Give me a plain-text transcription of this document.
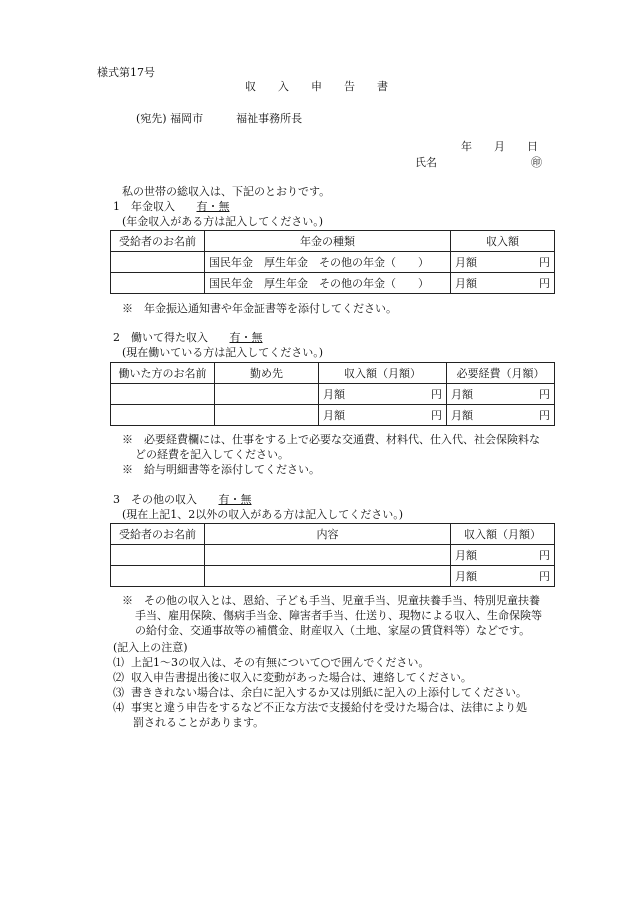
様式第17号
収　　入　　申　　告　　書
(宛先) 福岡市　　　福祉事務所長
年　　月　　日
氏名	㊞
私の世帯の総収入は、下記のとおりです。
1　年金収入 有・無
(年金収入がある方は記入してください。)
受給者のお名前	年金の種類	収入額
	国民年金　厚生年金　その他の年金（　　）	月額 円

	国民年金　厚生年金　その他の年金（　　）	月額 円
※　年金振込通知書や年金証書等を添付してください。
2　働いて得た収入 有・無
(現在働いている方は記入してください。)
働いた方のお名前	勤め先	収入額（月額）	必要経費（月額）

		月額 円	月額 円

		月額 円	月額 円
※　必要経費欄には、仕事をする上で必要な交通費、材料代、仕入代、社会保険料な
どの経費を記入してください。
※　給与明細書等を添付してください。
3　その他の収入 有・無
(現在上記1、2以外の収入がある方は記入してください。)
受給者のお名前	内容	収入額（月額）

		月額 円

		月額 円
※　その他の収入とは、恩給、子ども手当、児童手当、児童扶養手当、特別児童扶養
手当、雇用保険、傷病手当金、障害者手当、仕送り、現物による収入、生命保険等
の給付金、交通事故等の補償金、財産収入（土地、家屋の賃貸料等）などです。
(記入上の注意)
⑴ 上記1～3の収入は、その有無について○で囲んでください。
⑵ 収入申告書提出後に収入に変動があった場合は、連絡してください。
⑶ 書ききれない場合は、余白に記入するか又は別紙に記入の上添付してください。
⑷ 事実と違う申告をするなど不正な方法で支援給付を受けた場合は、法律により処
罰されることがあります。
